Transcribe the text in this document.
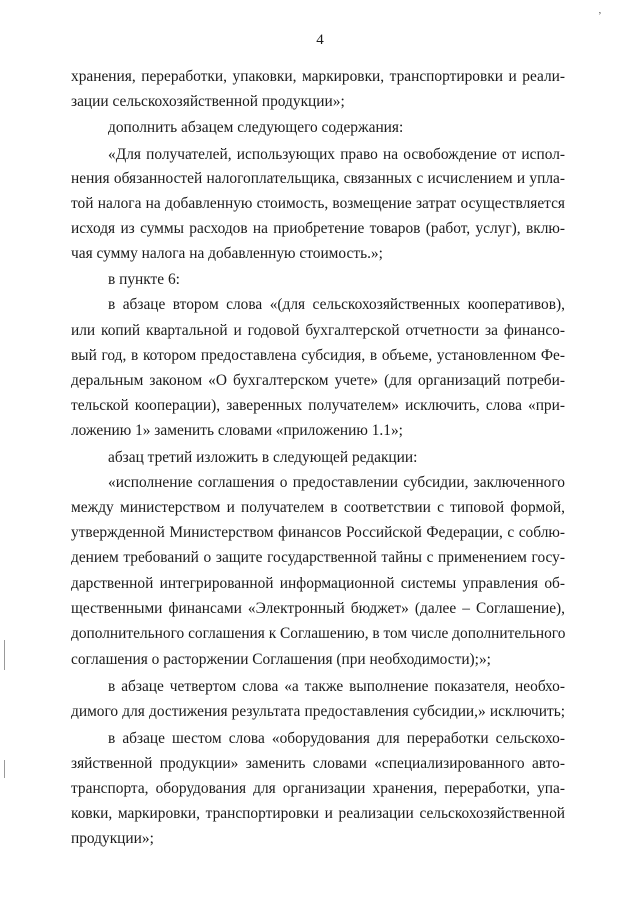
4
’
хранения, переработки, упаковки, маркировки, транспортировки и реали-
зации сельскохозяйственной продукции»;
дополнить абзацем следующего содержания:
«Для получателей, использующих право на освобождение от испол-
нения обязанностей налогоплательщика, связанных с исчислением и упла-
той налога на добавленную стоимость, возмещение затрат осуществляется
исходя из суммы расходов на приобретение товаров (работ, услуг), вклю-
чая сумму налога на добавленную стоимость.»;
в пункте 6:
в абзаце втором слова «(для сельскохозяйственных кооперативов),
или копий квартальной и годовой бухгалтерской отчетности за финансо-
вый год, в котором предоставлена субсидия, в объеме, установленном Фе-
деральным законом «О бухгалтерском учете» (для организаций потреби-
тельской кооперации), заверенных получателем» исключить, слова «при-
ложению 1» заменить словами «приложению 1.1»;
абзац третий изложить в следующей редакции:
«исполнение соглашения о предоставлении субсидии, заключенного
между министерством и получателем в соответствии с типовой формой,
утвержденной Министерством финансов Российской Федерации, с соблю-
дением требований о защите государственной тайны с применением госу-
дарственной интегрированной информационной системы управления об-
щественными финансами «Электронный бюджет» (далее – Соглашение),
дополнительного соглашения к Соглашению, в том числе дополнительного
соглашения о расторжении Соглашения (при необходимости);»;
в абзаце четвертом слова «а также выполнение показателя, необхо-
димого для достижения результата предоставления субсидии,» исключить;
в абзаце шестом слова «оборудования для переработки сельскохо-
зяйственной продукции» заменить словами «специализированного авто-
транспорта, оборудования для организации хранения, переработки, упа-
ковки, маркировки, транспортировки и реализации сельскохозяйственной
продукции»;
